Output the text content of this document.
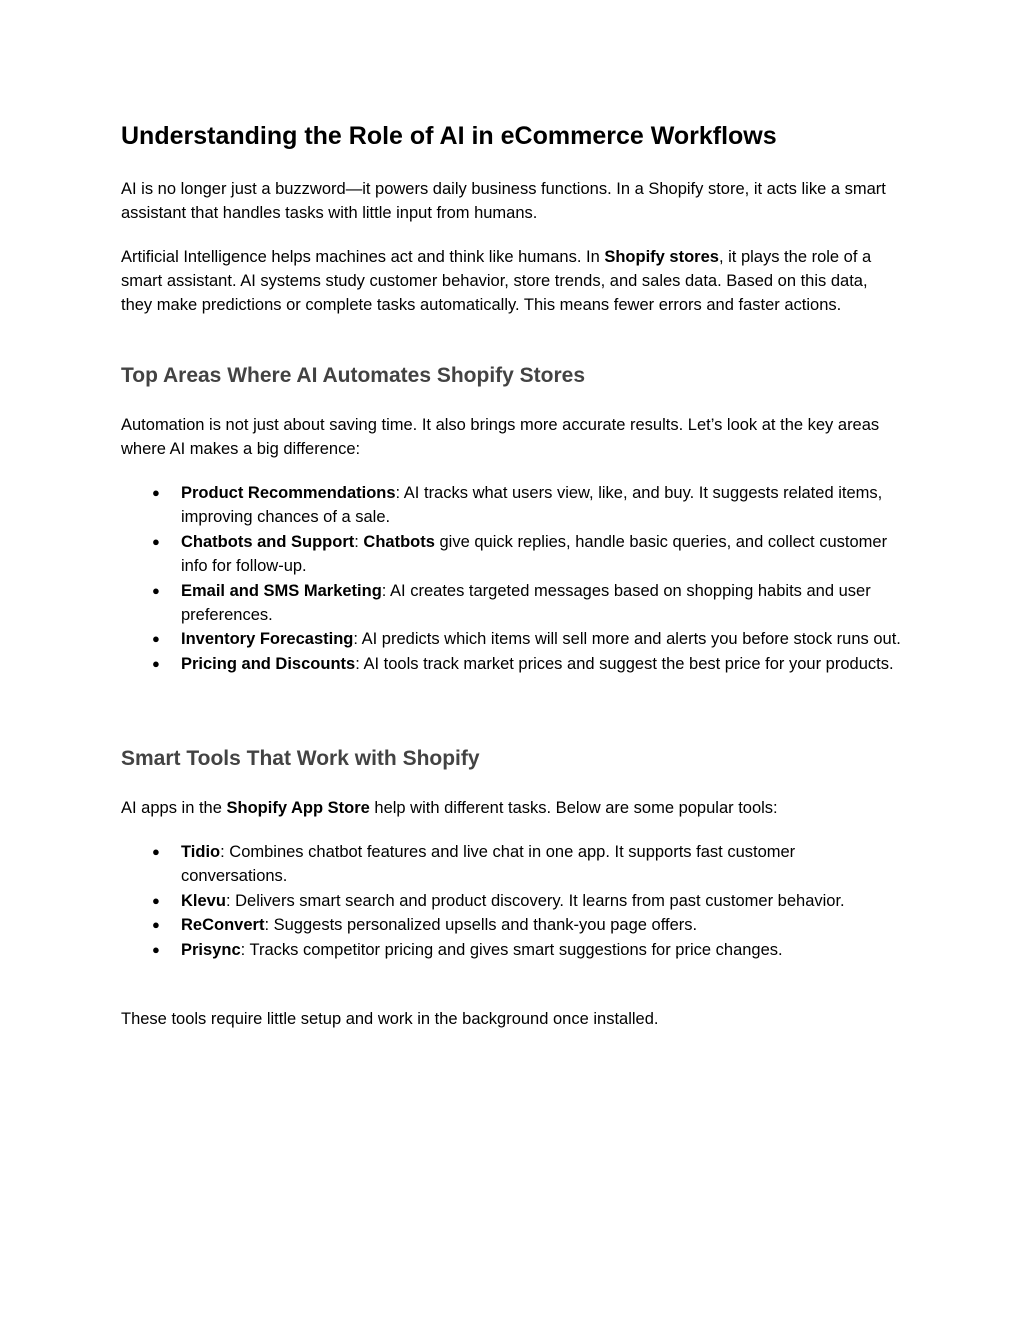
Understanding the Role of AI in eCommerce Workflows

AI is no longer just a buzzword—it powers daily business functions. In a Shopify store, it acts like a smart assistant that handles tasks with little input from humans.

Artificial Intelligence helps machines act and think like humans. In Shopify stores, it plays the role of a smart assistant. AI systems study customer behavior, store trends, and sales data. Based on this data, they make predictions or complete tasks automatically. This means fewer errors and faster actions.

Top Areas Where AI Automates Shopify Stores

Automation is not just about saving time. It also brings more accurate results. Let’s look at the key areas where AI makes a big difference:

● Product Recommendations: AI tracks what users view, like, and buy. It suggests related items, improving chances of a sale.
● Chatbots and Support: Chatbots give quick replies, handle basic queries, and collect customer info for follow-up.
● Email and SMS Marketing: AI creates targeted messages based on shopping habits and user preferences.
● Inventory Forecasting: AI predicts which items will sell more and alerts you before stock runs out.
● Pricing and Discounts: AI tools track market prices and suggest the best price for your products.
Smart Tools That Work with Shopify

AI apps in the Shopify App Store help with different tasks. Below are some popular tools:

● Tidio: Combines chatbot features and live chat in one app. It supports fast customer conversations.
● Klevu: Delivers smart search and product discovery. It learns from past customer behavior.
● ReConvert: Suggests personalized upsells and thank-you page offers.
● Prisync: Tracks competitor pricing and gives smart suggestions for price changes.

These tools require little setup and work in the background once installed.
